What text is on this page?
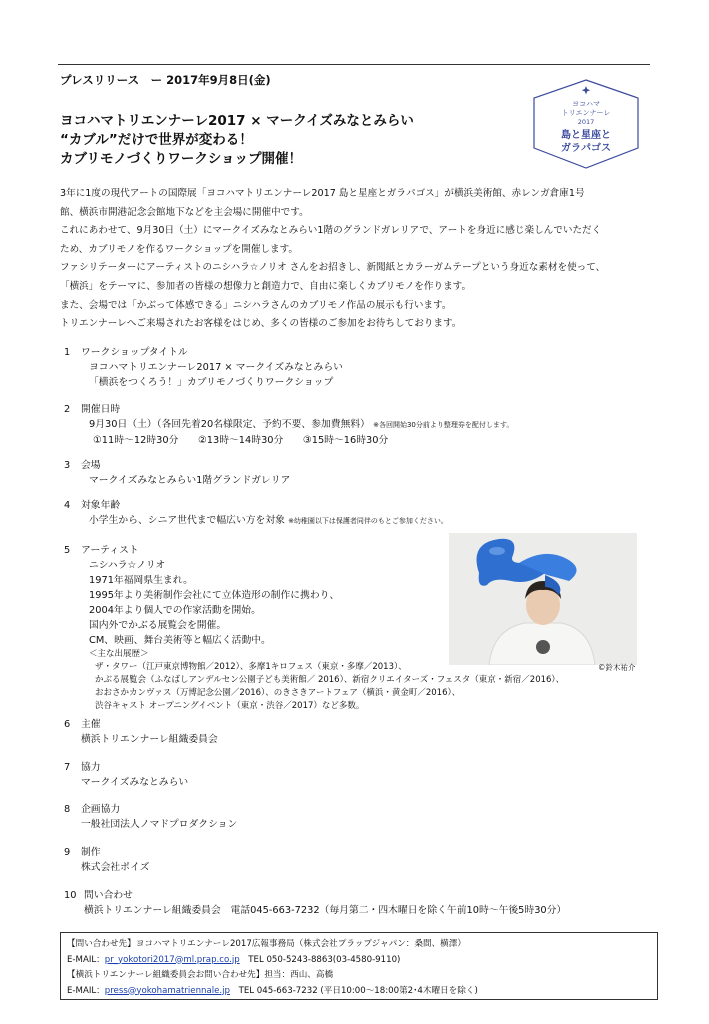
プレスリリース　ー 2017年9月8日(金)
ヨコハマトリエンナーレ2017 × マークイズみなとみらい
“カブル”だけで世界が変わる！
カブリモノづくりワークショップ開催！
ヨコハマ
トリエンナーレ
2017
島と星座と
ガラパゴス

3年に1度の現代アートの国際展「ヨコハマトリエンナーレ2017 島と星座とガラパゴス」が横浜美術館、赤レンガ倉庫1号

館、横浜市開港記念会館地下などを主会場に開催中です。

これにあわせて、9月30日（土）にマークイズみなとみらい1階のグランドガレリアで、アートを身近に感じ楽しんでいただく

ため、カブリモノを作るワークショップを開催します。

ファシリテーターにアーティストのニシハラ☆ノリオ さんをお招きし、新聞紙とカラーガムテープという身近な素材を使って、

「横浜」をテーマに、参加者の皆様の想像力と創造力で、自由に楽しくカブリモノを作ります。

また、会場では「かぶって体感できる」ニシハラさんのカブリモノ作品の展示も行います。

トリエンナーレへご来場されたお客様をはじめ、多くの皆様のご参加をお待ちしております。

1 ワークショップタイトル
ヨコハマトリエンナーレ2017 × マークイズみなとみらい
「横浜をつくろう！」カブリモノづくりワークショップ
2 開催日時
9月30日（土）（各回先着20名様限定、予約不要、参加費無料） ※各回開始30分前より整理券を配付します。
①11時～12時30分　　②13時～14時30分　　③15時～16時30分
3 会場
マークイズみなとみらい1階グランドガレリア
4 対象年齢
小学生から、シニア世代まで幅広い方を対象 ※幼稚園以下は保護者同伴のもとご参加ください。
5 アーティスト
ニシハラ☆ノリオ
1971年福岡県生まれ。
1995年より美術制作会社にて立体造形の制作に携わり、
2004年より個人での作家活動を開始。
国内外でかぶる展覧会を開催。
CM、映画、舞台美術等と幅広く活動中。
＜主な出展歴＞
ザ・タワー（江戸東京博物館／2012）、多摩1キロフェス（東京・多摩／2013）、
かぶる展覧会（ふなばしアンデルセン公園子ども美術館／ 2016）、新宿クリエイターズ・フェスタ（東京・新宿／2016）、
おおさかカンヴァス（万博記念公園／2016）、のきさきアートフェア（横浜・黄金町／2016）、
渋谷キャスト オープニングイベント（東京・渋谷／2017）など多数。
©鈴木祐介
6 主催
横浜トリエンナーレ組織委員会
7 協力
マークイズみなとみらい
8 企画協力
一般社団法人ノマドプロダクション
9 制作
株式会社ポイズ
10 問い合わせ
横浜トリエンナーレ組織委員会　電話045-663-7232（毎月第二・四木曜日を除く午前10時～午後5時30分）
【問い合わせ先】ヨコハマトリエンナーレ2017広報事務局（株式会社プラップジャパン：桑間、横澤）
E-MAIL：pr_yokotori2017@ml.prap.co.jp　TEL 050-5243-8863(03-4580-9110)
【横浜トリエンナーレ組織委員会お問い合わせ先】担当：西山、高橋
E-MAIL：press@yokohamatriennale.jp　TEL 045-663-7232 (平日10:00～18:00第2･4木曜日を除く)
